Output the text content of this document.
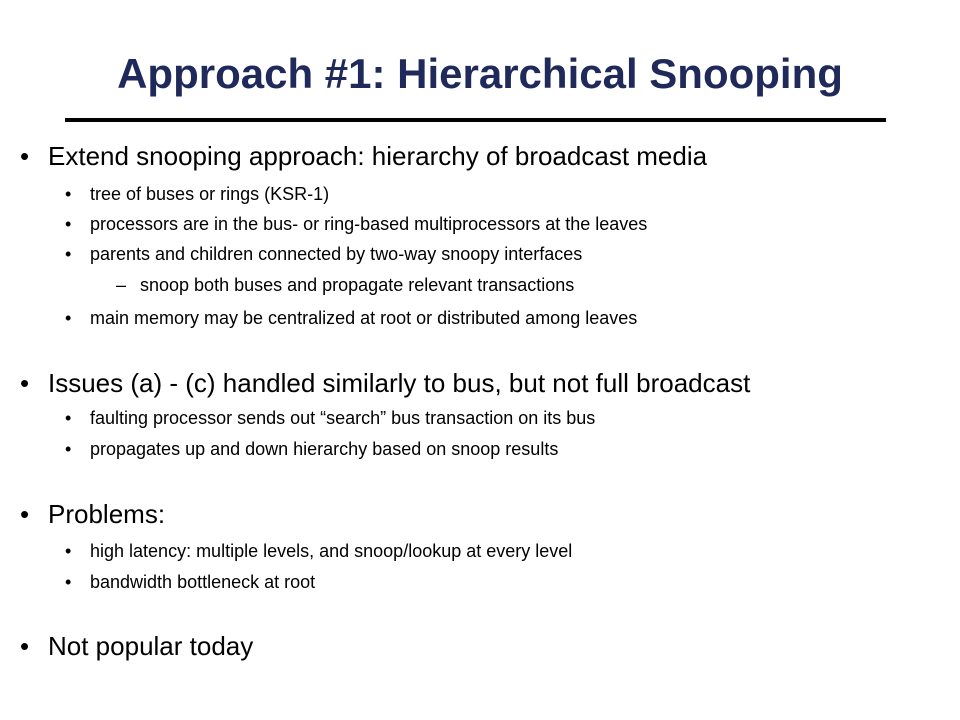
Approach #1: Hierarchical Snooping
• Extend snooping approach: hierarchy of broadcast media
• tree of buses or rings (KSR-1)
• processors are in the bus- or ring-based multiprocessors at the leaves
• parents and children connected by two-way snoopy interfaces
– snoop both buses and propagate relevant transactions
• main memory may be centralized at root or distributed among leaves
• Issues (a) - (c) handled similarly to bus, but not full broadcast
• faulting processor sends out “search” bus transaction on its bus
• propagates up and down hierarchy based on snoop results
• Problems:
• high latency: multiple levels, and snoop/lookup at every level
• bandwidth bottleneck at root
• Not popular today
